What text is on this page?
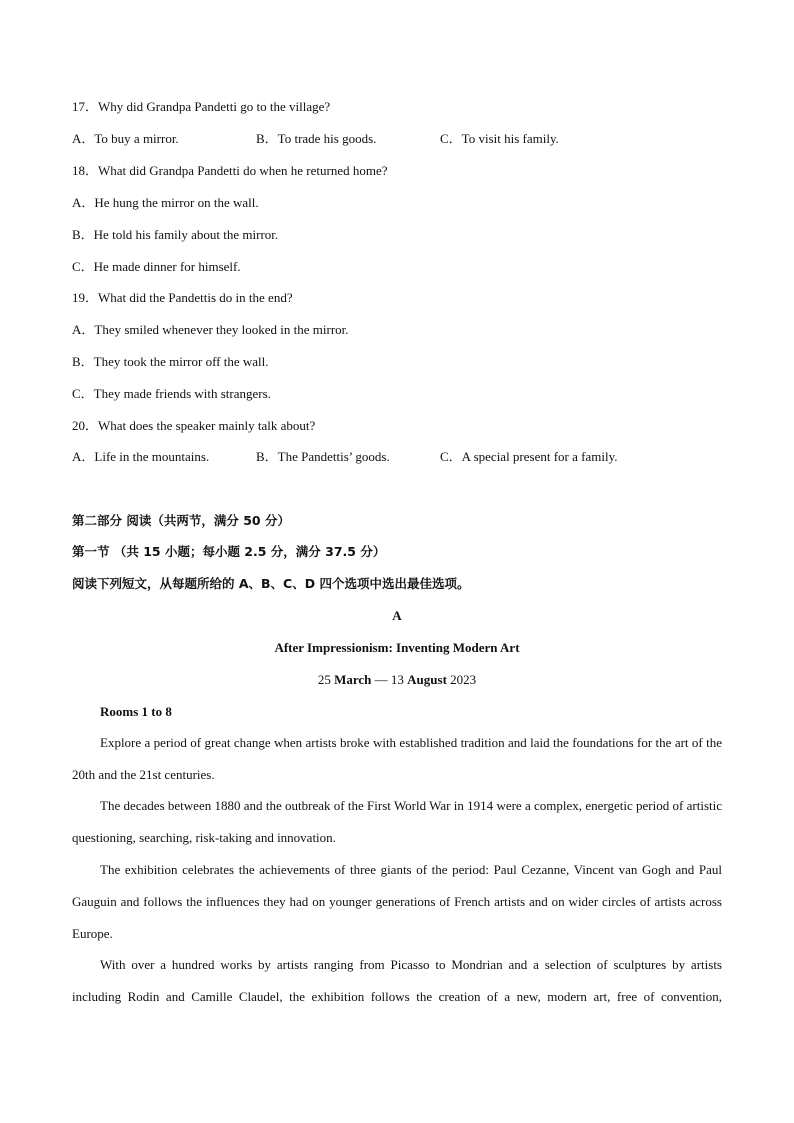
17．Why did Grandpa Pandetti go to the village?
A．To buy a mirror.	B．To trade his goods.	C．To visit his family.
18．What did Grandpa Pandetti do when he returned home?
A．He hung the mirror on the wall.
B．He told his family about the mirror.
C．He made dinner for himself.
19．What did the Pandettis do in the end?
A．They smiled whenever they looked in the mirror.
B．They took the mirror off the wall.
C．They made friends with strangers.
20．What does the speaker mainly talk about?
A．Life in the mountains.	B．The Pandettis’ goods.	C．A special present for a family.
第二部分 阅读（共两节，满分 50 分）
第一节 （共 15 小题；每小题 2.5 分，满分 37.5 分）
阅读下列短文，从每题所给的 A、B、C、D 四个选项中选出最佳选项。
A
After Impressionism: Inventing Modern Art
25 March — 13 August 2023
Rooms 1 to 8
Explore a period of great change when artists broke with established tradition and laid the foundations for the art of the 20th and the 21st centuries.
The decades between 1880 and the outbreak of the First World War in 1914 were a complex, energetic period of artistic questioning, searching, risk-taking and innovation.
The exhibition celebrates the achievements of three giants of the period: Paul Cezanne, Vincent van Gogh and Paul Gauguin and follows the influences they had on younger generations of French artists and on wider circles of artists across Europe.
With over a hundred works by artists ranging from Picasso to Mondrian and a selection of sculptures by artists including Rodin and Camille Claudel, the exhibition follows the creation of a new, modern art, free of convention,
